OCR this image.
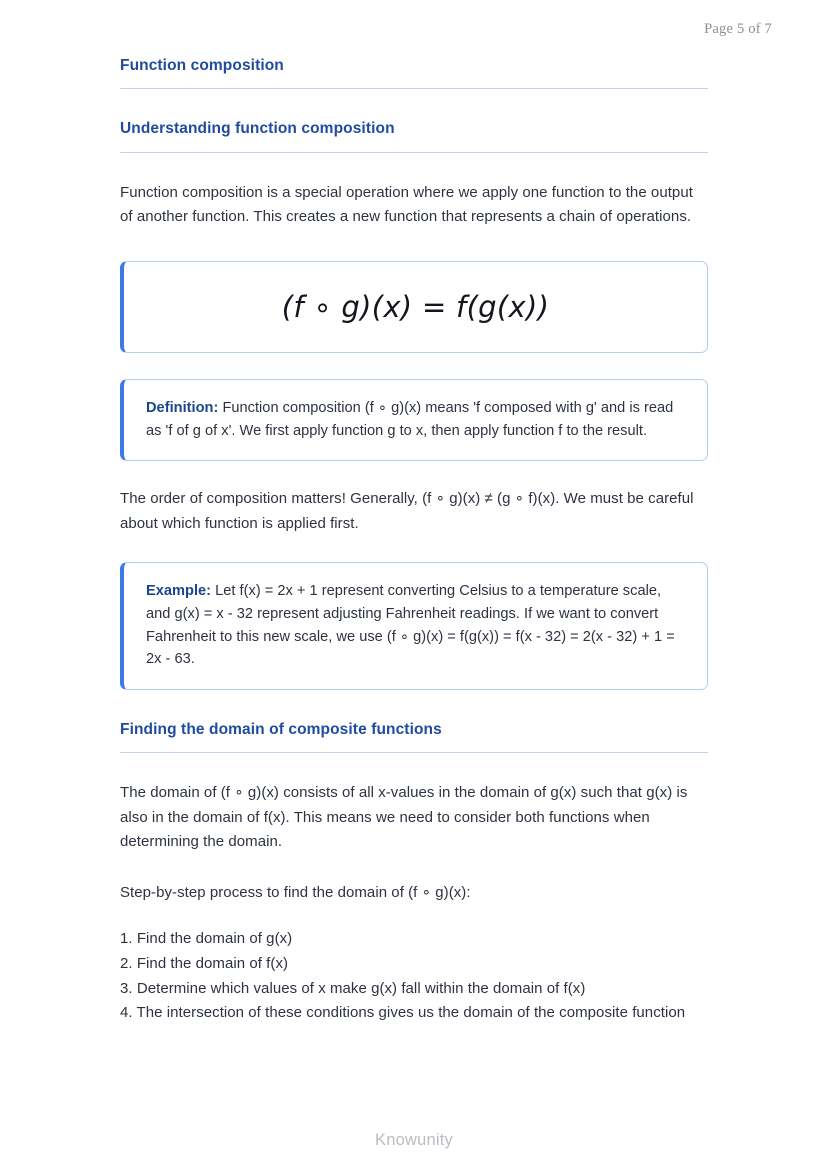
Page 5 of 7
Function composition
Understanding function composition

Function composition is a special operation where we apply one function to the output of another function. This creates a new function that represents a chain of operations.

(f ∘ g)(x) = f(g(x))

Definition: Function composition (f ∘ g)(x) means 'f composed with g' and is read as 'f of g of x'. We first apply function g to x, then apply function f to the result.

The order of composition matters! Generally, (f ∘ g)(x) ≠ (g ∘ f)(x). We must be careful about which function is applied first.

Example: Let f(x) = 2x + 1 represent converting Celsius to a temperature scale, and g(x) = x - 32 represent adjusting Fahrenheit readings. If we want to convert Fahrenheit to this new scale, we use (f ∘ g)(x) = f(g(x)) = f(x - 32) = 2(x - 32) + 1 = 2x - 63.

Finding the domain of composite functions

The domain of (f ∘ g)(x) consists of all x-values in the domain of g(x) such that g(x) is also in the domain of f(x). This means we need to consider both functions when determining the domain.

Step-by-step process to find the domain of (f ∘ g)(x):

1. Find the domain of g(x)
2. Find the domain of f(x)
3. Determine which values of x make g(x) fall within the domain of f(x)
4. The intersection of these conditions gives us the domain of the composite function
Knowunity
